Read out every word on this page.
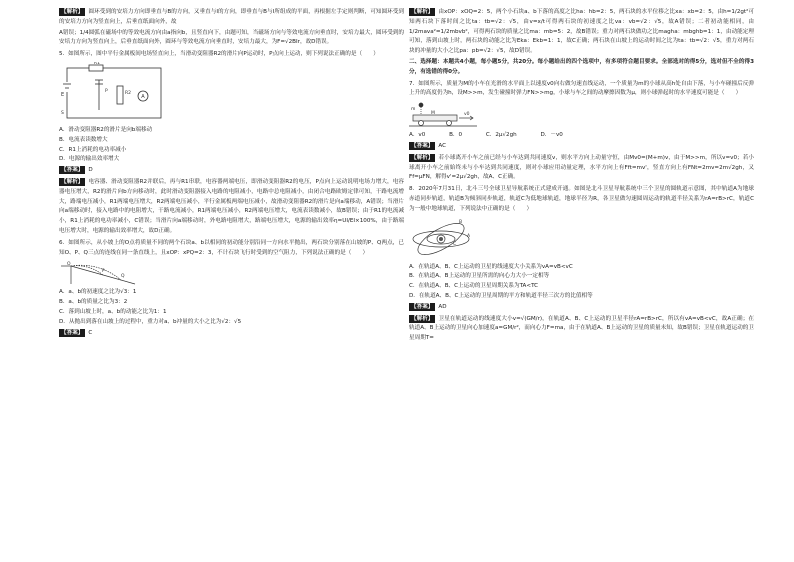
【解析】 圆环受到的安培力方向即垂直与B的方向，又垂直与I的方向，即垂直与B与I所组成的平面，再根据左手定则判断，可知圆环受到的安培力方向为竖直向上，后垂直纸面向外，故

A错误；1/4圆弧在磁场中的等效电流方向由a指向b，且竖直向下，由题可知，当磁场方向与等效电流方向垂直时，安培力最大，圆环受到的安培力方向为竖直向上，后垂直纸面向外，圆环与等效电流方向垂直时，安培力最大，为F=√2BIr，故D错误。

5．如图所示，图中平行金属板间电场竖直向上，当滑动变阻器R2的滑片向P运动时，P点向上运动，则下列说法正确的是（　　）

A
E
R1
P	R2
S

A．滑动变阻器R2的滑片是向b端移动

B．电流表读数增大

C．R1上消耗的电功率减小

D．电源的输出效率增大

【答案】 D

【解析】 电容器、滑动变阻器R2并联后，再与R1串联，电容器两端电压，即滑动变阻器R2的电压，P点向上运动说明电场力增大，电容器电压增大，R2的滑片向b方向移动时，此时滑动变阻器接入电路的电阻减小，电路中总电阻减小，由闭合电路欧姆定律可知，干路电流增大，路端电压减小，R1两端电压增大，R2两端电压减小，平行金属板两端电压减小，故滑动变阻器R2的滑片是向a端移动，A错误；当滑片向a端移动时，接入电路中的电阻增大，干路电流减小，R1两端电压减小，R2两端电压增大，电流表读数减小，故B错误；由于R1的电流减小，R1上消耗的电功率减小，C错误；当滑片向a端移动时，外电路电阻增大，路端电压增大，电源的输出效率η=UI/EI×100%，由于路端电压增大时，电源的输出效率增大，故D正确。

6．如图所示，从小坡上的O点将质量不同的两个石块a、b以相同的初动能分别沿同一方向水平抛出，两石块分别落在山坡的P、Q两点，已知O、P、Q三点的连线在同一条直线上，且xOP：xPQ=2：3，不计石块飞行时受到的空气阻力，下列说法正确的是（　　）

O
P
Q

A．a、b的初速度之比为√3：1

B．a、b的质量之比为3：2

C．落到山坡上时，a、b的动能之比为1：1

D．从抛出到落在山坡上的过程中，重力对a、b冲量的大小之比为√2：√5

【答案】 C

【解析】 由xOP：xOQ=2：5，两个小石块a、b下落的高度之比ha：hb=2：5，两石块的水平位移之比xa：xb=2：5，由h=1/2gt²可知两石块下落时间之比ta：tb=√2：√5，由v=x/t可得两石块的初速度之比va：vb=√2：√5，故A错误；二者初动能相同，由1/2mava²=1/2mbvb²，可得两石块的质量之比ma：mb=5：2，故B错误；重力对两石块做功之比magha：mbghb=1：1，由动能定理可知，落到山坡上时，两石块的动能之比为Eka：Ekb=1：1，故C正确；两石块在山坡上的运动时间之比为ta：tb=√2：√5，重力对两石块的冲量的大小之比pa：pb=√2：√5，故D错误。

二、选择题：本题共4小题，每小题5分，共20分。每小题给出的四个选项中，有多项符合题目要求。全部选对的得5分，选对但不全的得3分，有选错的得0分。

7．如图所示，质量为M的小车在光滑的水平面上以速度v0向右做匀速直线运动，一个质量为m的小球从高h处自由下落，与小车碰撞后反弹上升的高度仍为h，设M>>m，发生碰撞时弹力FN>>mg，小球与车之间的动摩擦因数为μ，则小球弹起时的水平速度可能是（　　）

m
M	v0

A．v0	B．0	C．2μ√2gh	D．－v0

【答案】 AC

【解析】 若小球离开小车之前已经与小车达到共同速度v，则水平方向上动量守恒，由Mv0=(M+m)v，由于M>>m，所以v=v0；若小球离开小车之前始终未与小车达到共同速度，则对小球应用动量定理，水平方向上有Fft=mv'，竖直方向上有FNt=2mv=2m√2gh，又Ff=μFN，解得v'=2μ√2gh，故A、C正确。

8．2020年7月31日，北斗三号全球卫星导航系统正式建成开通。如图是北斗卫星导航系统中三个卫星的圆轨道示意图，其中轨道A为地球赤道同步轨道，轨道B为倾斜同步轨道，轨道C为低地球轨道，地球半径为R，各卫星做匀速圆周运动的轨道半径关系为rA=rB>rC，轨道C为一般中地球轨道，下列说法中正确的是（　　）

A
B
C

A．在轨道A、B、C上运动的卫星的线速度大小关系为vA=vB<vC

B．在轨道A、B上运动的卫星所需的向心力大小一定相等

C．在轨道A、B、C上运动的卫星周期关系为TA<TC

D．在轨道A、B、C上运动的卫星周期的平方和轨道半径三次方的比值相等

【答案】 AD

【解析】 卫星在轨道运动的线速度大小v=√(GM/r)，在轨道A、B、C上运动的卫星半径rA=rB>rC，所以有vA=vB<vC，故A正确；在轨道A、B上运动的卫星向心加速度a=GM/r²，而向心力F=ma，由于在轨道A、B上运动的卫星的质量未知，故B错误；卫星在轨道运动的卫星周期T=
